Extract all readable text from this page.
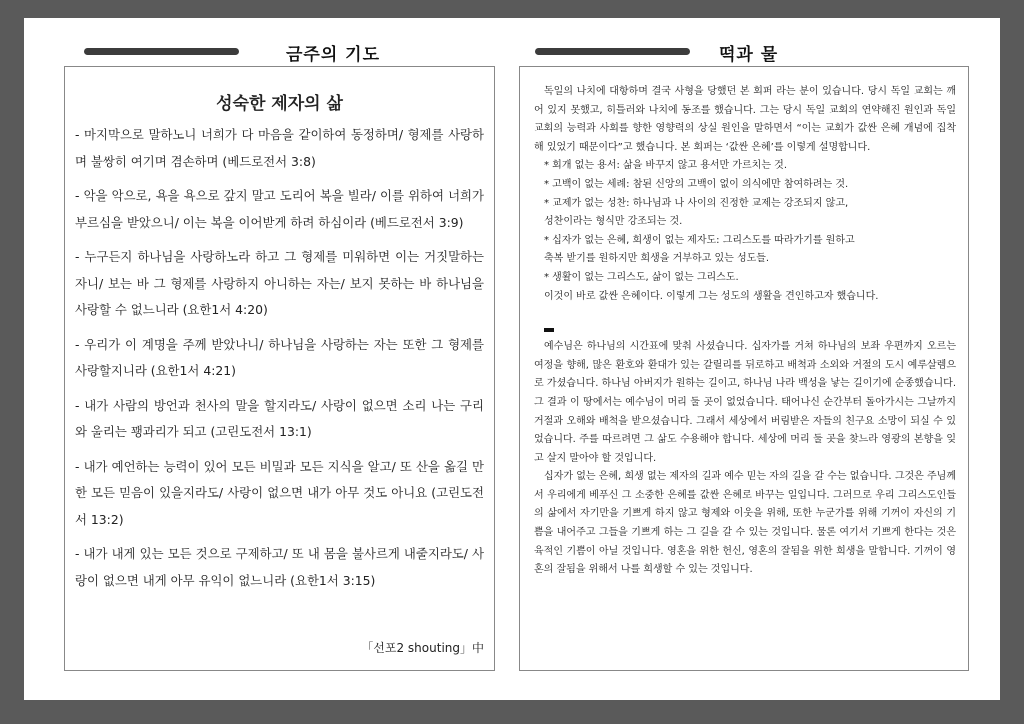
금주의 기도	떡과 물
성숙한 제자의 삶
- 마지막으로 말하노니 너희가 다 마음을 같이하여 동정하며/ 형제를 사랑하며 불쌍히 여기며 겸손하며 (베드로전서 3:8)
- 악을 악으로, 욕을 욕으로 갚지 말고 도리어 복을 빌라/ 이를 위하여 너희가 부르심을 받았으니/ 이는 복을 이어받게 하려 하심이라 (베드로전서 3:9)
- 누구든지 하나님을 사랑하노라 하고 그 형제를 미워하면 이는 거짓말하는 자니/ 보는 바 그 형제를 사랑하지 아니하는 자는/ 보지 못하는 바 하나님을 사랑할 수 없느니라 (요한1서 4:20)
- 우리가 이 계명을 주께 받았나니/ 하나님을 사랑하는 자는 또한 그 형제를 사랑할지니라 (요한1서 4:21)
- 내가 사람의 방언과 천사의 말을 할지라도/ 사랑이 없으면 소리 나는 구리와 울리는 꽹과리가 되고 (고린도전서 13:1)
- 내가 예언하는 능력이 있어 모든 비밀과 모든 지식을 알고/ 또 산을 옮길 만한 모든 믿음이 있을지라도/ 사랑이 없으면 내가 아무 것도 아니요 (고린도전서 13:2)
- 내가 내게 있는 모든 것으로 구제하고/ 또 내 몸을 불사르게 내줄지라도/ 사랑이 없으면 내게 아무 유익이 없느니라 (요한1서 3:15)
「선포2 shouting」中

독일의 나치에 대항하며 결국 사형을 당했던 본 회퍼 라는 분이 있습니다. 당시 독일 교회는 깨어 있지 못했고, 히틀러와 나치에 동조를 했습니다. 그는 당시 독일 교회의 연약해진 원인과 독일 교회의 능력과 사회를 향한 영향력의 상실 원인을 말하면서 “이는 교회가 값싼 은혜 개념에 집착해 있었기 때문이다”고 했습니다. 본 회퍼는 ‘값싼 은혜’를 이렇게 설명합니다.

* 회개 없는 용서: 삶을 바꾸지 않고 용서만 가르치는 것.
* 고백이 없는 세례: 참된 신앙의 고백이 없이 의식에만 참여하려는 것.
* 교제가 없는 성찬: 하나님과 나 사이의 진정한 교제는 강조되지 않고,
성찬이라는 형식만 강조되는 것.
* 십자가 없는 은혜, 희생이 없는 제자도: 그리스도를 따라가기를 원하고
축복 받기를 원하지만 희생을 거부하고 있는 성도들.
* 생활이 없는 그리스도, 삶이 없는 그리스도.
이것이 바로 값싼 은혜이다. 이렇게 그는 성도의 생활을 견인하고자 했습니다.

예수님은 하나님의 시간표에 맞춰 사셨습니다. 십자가를 거쳐 하나님의 보좌 우편까지 오르는 여정을 향해, 많은 환호와 환대가 있는 갈릴리를 뒤로하고 배척과 소외와 거절의 도시 예루살렘으로 가셨습니다. 하나님 아버지가 원하는 길이고, 하나님 나라 백성을 낳는 길이기에 순종했습니다. 그 결과 이 땅에서는 예수님이 머리 둘 곳이 없었습니다. 태어나신 순간부터 돌아가시는 그날까지 거절과 오해와 배척을 받으셨습니다. 그래서 세상에서 버림받은 자들의 친구요 소망이 되실 수 있었습니다. 주를 따르려면 그 삶도 수용해야 합니다. 세상에 머리 둘 곳을 찾느라 영광의 본향을 잊고 살지 말아야 할 것입니다.

십자가 없는 은혜, 희생 없는 제자의 길과 예수 믿는 자의 길을 갈 수는 없습니다. 그것은 주님께서 우리에게 베푸신 그 소중한 은혜를 값싼 은혜로 바꾸는 일입니다. 그러므로 우리 그리스도인들의 삶에서 자기만을 기쁘게 하지 않고 형제와 이웃을 위해, 또한 누군가를 위해 기꺼이 자신의 기쁨을 내어주고 그들을 기쁘게 하는 그 길을 갈 수 있는 것입니다. 물론 여기서 기쁘게 한다는 것은 육적인 기쁨이 아닐 것입니다. 영혼을 위한 헌신, 영혼의 잘됨을 위한 희생을 말합니다. 기꺼이 영혼의 잘됨을 위해서 나를 희생할 수 있는 것입니다.
